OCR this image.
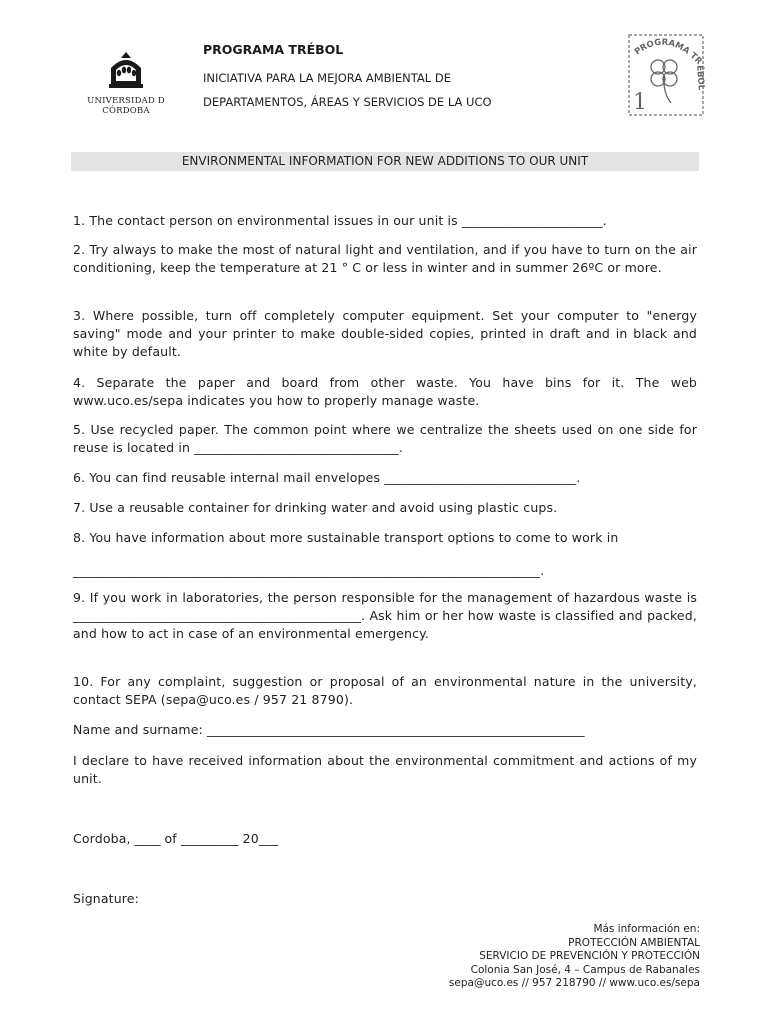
UNIVERSIDAD D CÓRDOBA
PROGRAMA TRÉBOL
INICIATIVA PARA LA MEJORA AMBIENTAL DE
DEPARTAMENTOS, ÁREAS Y SERVICIOS DE LA UCO
PROGRAMA TRÉBOL
1
ENVIRONMENTAL INFORMATION FOR NEW ADDITIONS TO OUR UNIT
1. The contact person on environmental issues in our unit is ______________________.
2. Try always to make the most of natural light and ventilation, and if you have to turn on the air conditioning, keep the temperature at 21 ° C or less in winter and in summer 26ºC or more.
3. Where possible, turn off completely computer equipment. Set your computer to "energy saving" mode and your printer to make double-sided copies, printed in draft and in black and white by default.
4. Separate the paper and board from other waste. You have bins for it. The web www.uco.es/sepa indicates you how to properly manage waste.
5. Use recycled paper. The common point where we centralize the sheets used on one side for reuse is located in ________________________________.
6. You can find reusable internal mail envelopes ______________________________.
7. Use a reusable container for drinking water and avoid using plastic cups.
8. You have information about more sustainable transport options to come to work in
_________________________________________________________________________.
9. If you work in laboratories, the person responsible for the management of hazardous waste is _____________________________________________. Ask him or her how waste is classified and packed, and how to act in case of an environmental emergency.
10. For any complaint, suggestion or proposal of an environmental nature in the university, contact SEPA (sepa@uco.es / 957 21 8790).
Name and surname: ___________________________________________________________
I declare to have received information about the environmental commitment and actions of my unit.
Cordoba, ____ of _________ 20___
Signature:
Más información en:
PROTECCIÓN AMBIENTAL
SERVICIO DE PREVENCIÓN Y PROTECCIÓN
Colonia San José, 4 – Campus de Rabanales
sepa@uco.es // 957 218790 // www.uco.es/sepa
